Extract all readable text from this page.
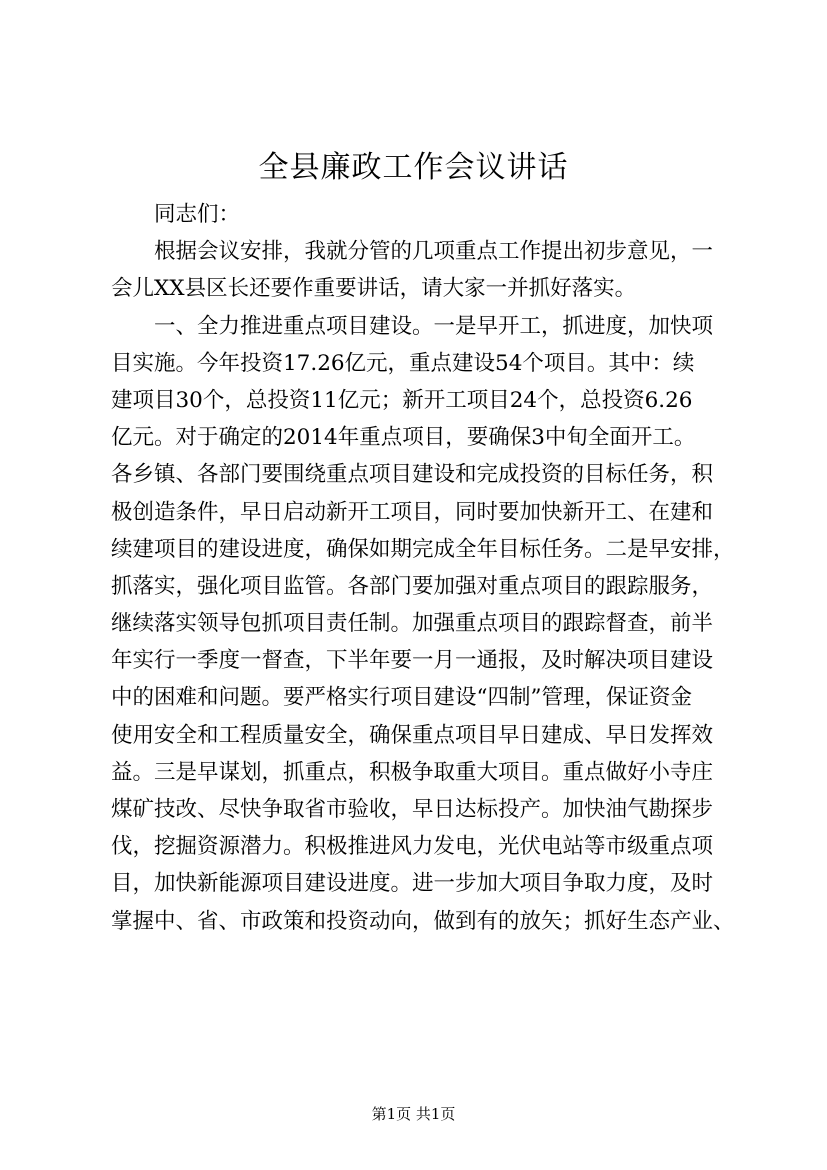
全县廉政工作会议讲话
同志们：
根据会议安排，我就分管的几项重点工作提出初步意见，一
会儿XX县区长还要作重要讲话，请大家一并抓好落实。
一、全力推进重点项目建设。一是早开工，抓进度，加快项
目实施。今年投资17.26亿元，重点建设54个项目。其中：续
建项目30个，总投资11亿元；新开工项目24个，总投资6.26
亿元。对于确定的2014年重点项目，要确保3中旬全面开工。
各乡镇、各部门要围绕重点项目建设和完成投资的目标任务，积
极创造条件，早日启动新开工项目，同时要加快新开工、在建和
续建项目的建设进度，确保如期完成全年目标任务。二是早安排，
抓落实，强化项目监管。各部门要加强对重点项目的跟踪服务，
继续落实领导包抓项目责任制。加强重点项目的跟踪督查，前半
年实行一季度一督查，下半年要一月一通报，及时解决项目建设
中的困难和问题。要严格实行项目建设“四制”管理，保证资金
使用安全和工程质量安全，确保重点项目早日建成、早日发挥效
益。三是早谋划，抓重点，积极争取重大项目。重点做好小寺庄
煤矿技改、尽快争取省市验收，早日达标投产。加快油气勘探步
伐，挖掘资源潜力。积极推进风力发电，光伏电站等市级重点项
目，加快新能源项目建设进度。进一步加大项目争取力度，及时
掌握中、省、市政策和投资动向，做到有的放矢；抓好生态产业、
第1页 共1页
